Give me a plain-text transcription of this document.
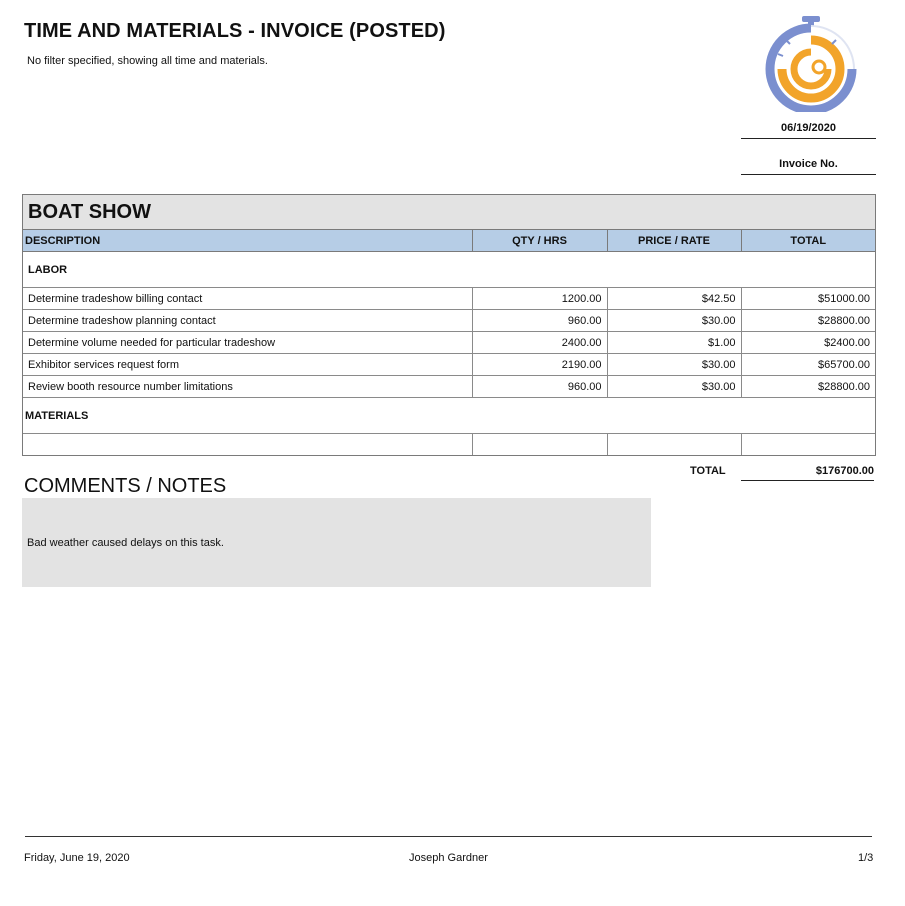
TIME AND MATERIALS - INVOICE (POSTED)
No filter specified, showing all time and materials.
06/19/2020
Invoice No.
BOAT SHOW
DESCRIPTION	QTY / HRS	PRICE / RATE	TOTAL
LABOR			
Determine tradeshow billing contact	1200.00	$42.50	$51000.00
Determine tradeshow planning contact	960.00	$30.00	$28800.00
Determine volume needed for particular tradeshow	2400.00	$1.00	$2400.00
Exhibitor services request form	2190.00	$30.00	$65700.00
Review booth resource number limitations	960.00	$30.00	$28800.00
MATERIALS			

TOTAL	$176700.00
COMMENTS / NOTES
Bad weather caused delays on this task.
Friday, June 19, 2020	Joseph Gardner	1/3
